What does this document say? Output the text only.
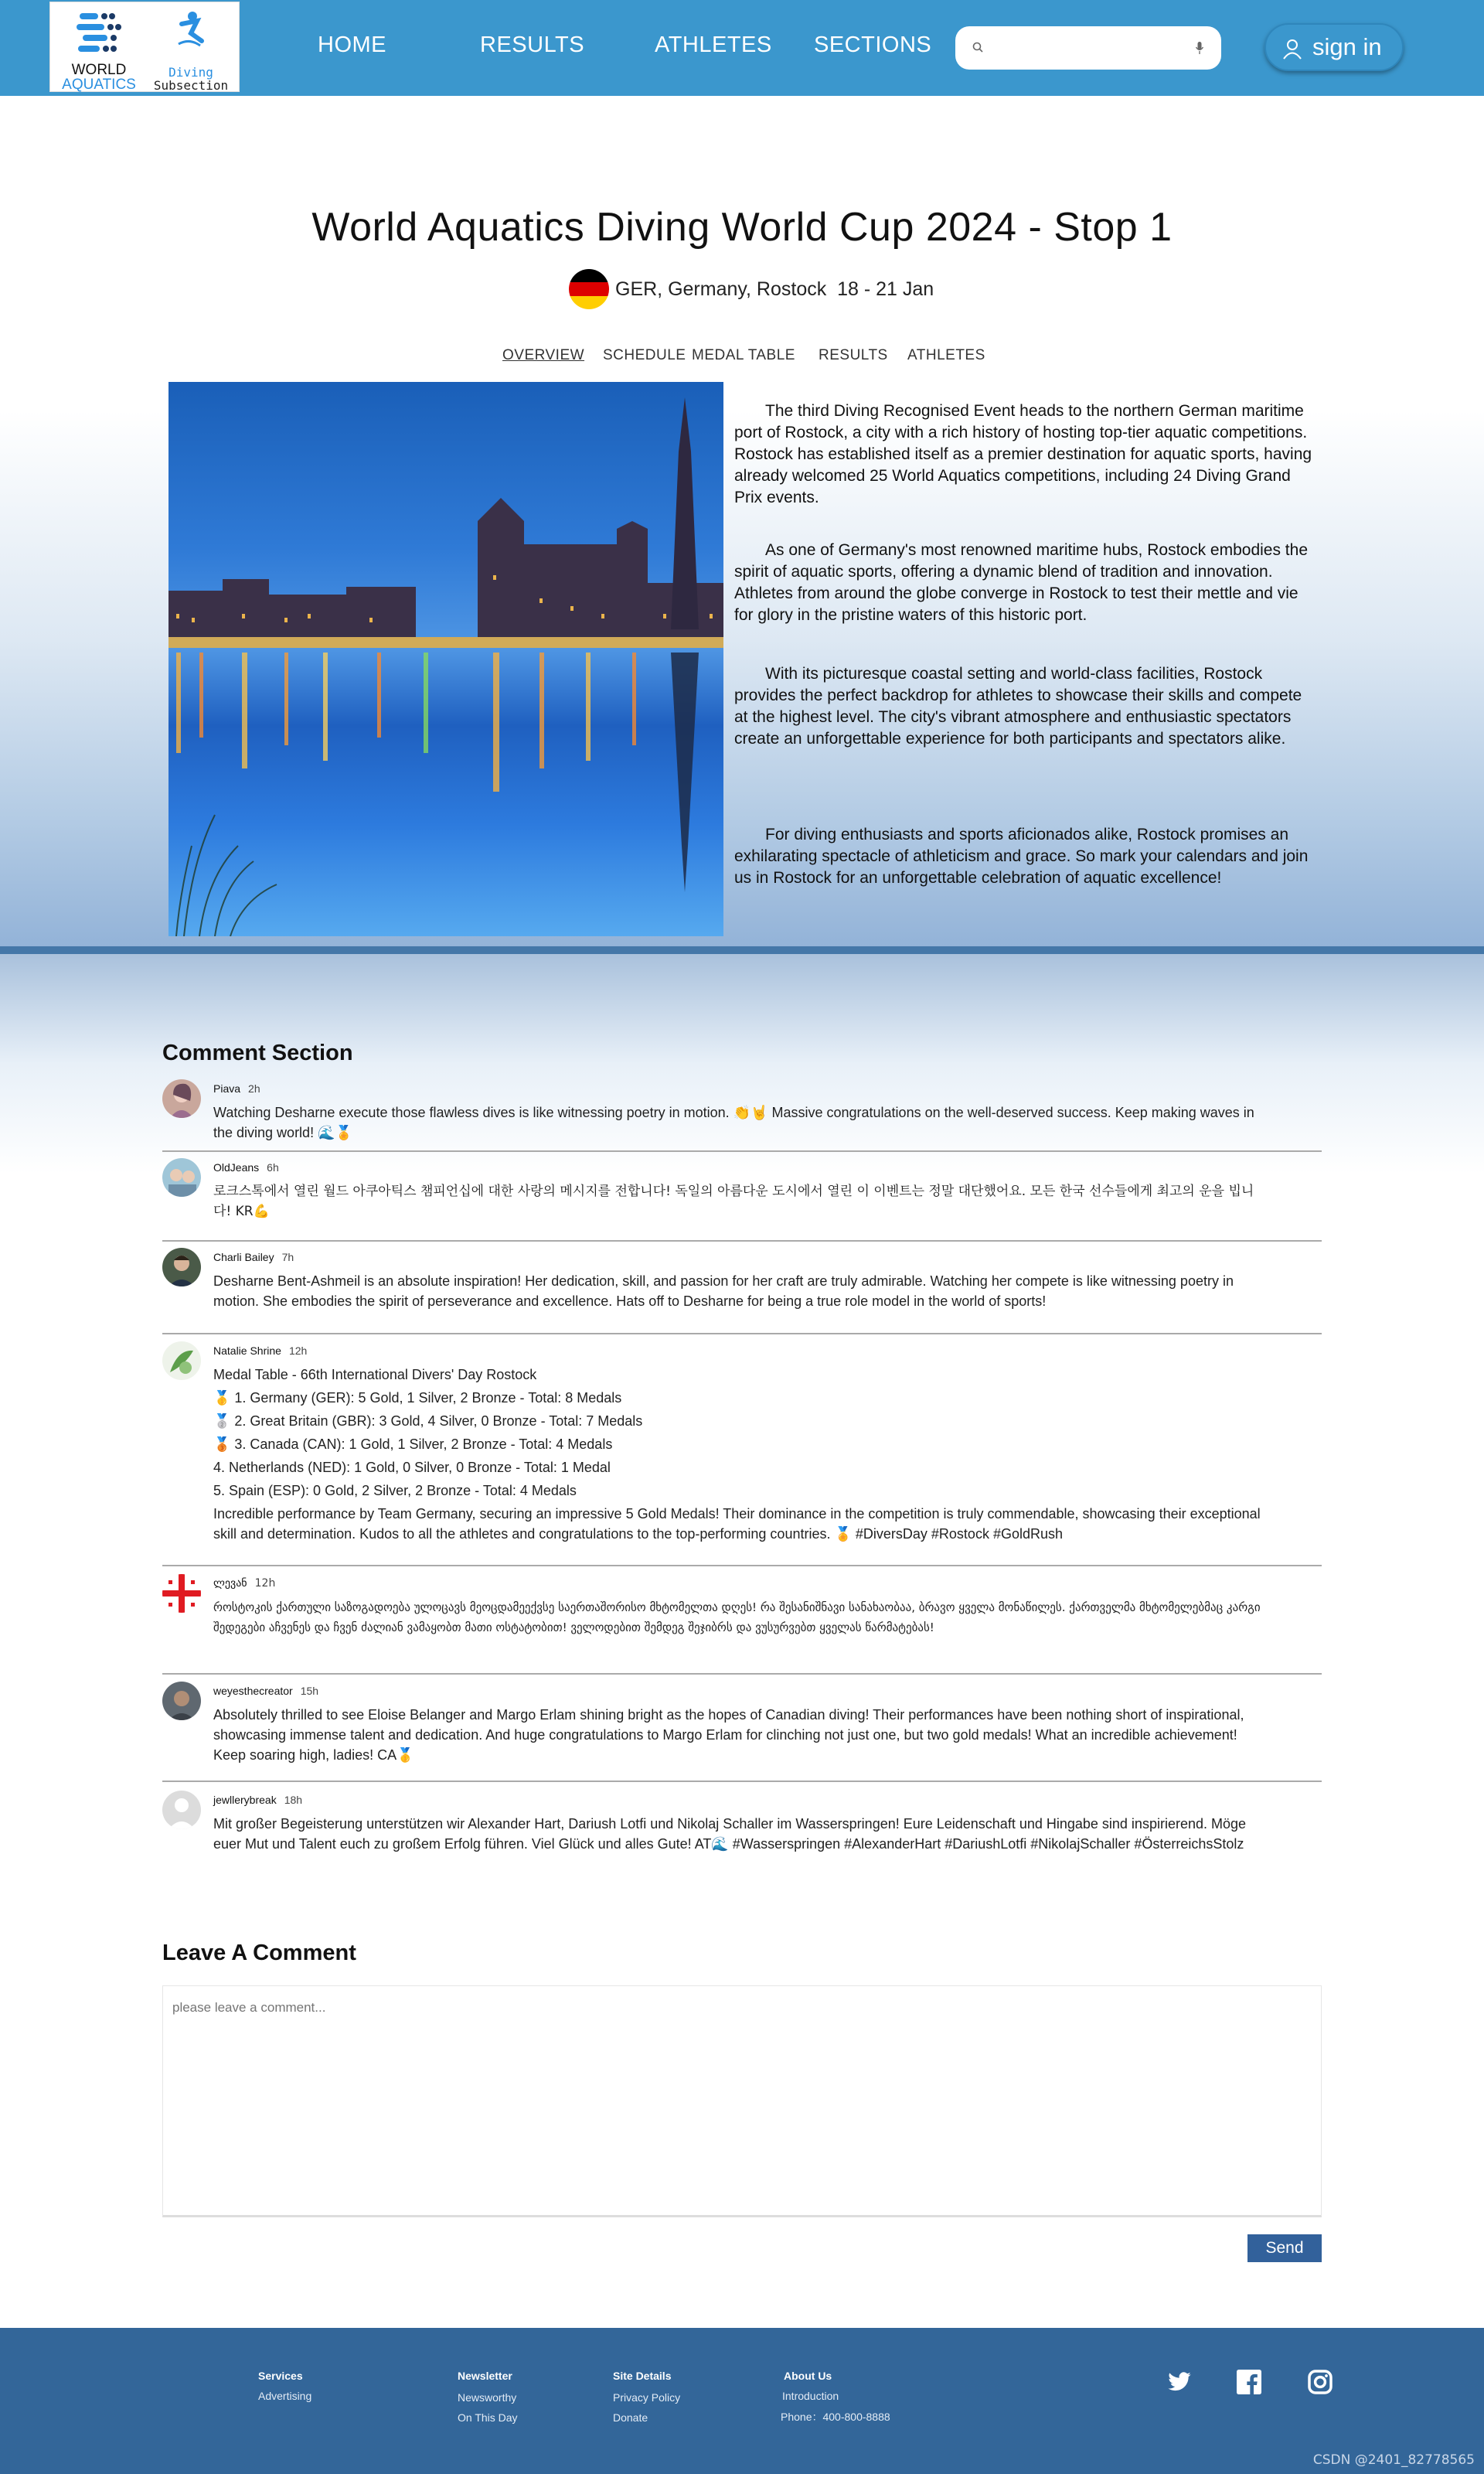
WORLD
AQUATICS
Diving
Subsection
HOME	RESULTS	ATHLETES SECTIONS	sign in
World Aquatics Diving World Cup 2024 - Stop 1
GER, Germany, Rostock 18 - 21 Jan
OVERVIEW SCHEDULE MEDAL TABLE RESULTS ATHLETES

The third Diving Recognised Event heads to the northern German maritime port of Rostock, a city with a rich history of hosting top-tier aquatic competitions. Rostock has established itself as a premier destination for aquatic sports, having already welcomed 25 World Aquatics competitions, including 24 Diving Grand Prix events.

As one of Germany's most renowned maritime hubs, Rostock embodies the spirit of aquatic sports, offering a dynamic blend of tradition and innovation. Athletes from around the globe converge in Rostock to test their mettle and vie for glory in the pristine waters of this historic port.

With its picturesque coastal setting and world-class facilities, Rostock provides the perfect backdrop for athletes to showcase their skills and compete at the highest level. The city's vibrant atmosphere and enthusiastic spectators create an unforgettable experience for both participants and spectators alike.

For diving enthusiasts and sports aficionados alike, Rostock promises an exhilarating spectacle of athleticism and grace. So mark your calendars and join us in Rostock for an unforgettable celebration of aquatic excellence!

Comment Section
Piava 2h
Watching Desharne execute those flawless dives is like witnessing poetry in motion. 👏🤘 Massive congratulations on the well-deserved success. Keep making waves in the diving world! 🌊🏅
OldJeans 6h
로크스톡에서 열린 월드 아쿠아틱스 챔피언십에 대한 사랑의 메시지를 전합니다! 독일의 아름다운 도시에서 열린 이 이벤트는 정말 대단했어요. 모든 한국 선수들에게 최고의 운을 빕니다! KR💪
Charli Bailey 7h
Desharne Bent-Ashmeil is an absolute inspiration! Her dedication, skill, and passion for her craft are truly admirable. Watching her compete is like witnessing poetry in motion. She embodies the spirit of perseverance and excellence. Hats off to Desharne for being a true role model in the world of sports!
Natalie Shrine 12h
Medal Table - 66th International Divers' Day Rostock
🥇 1. Germany (GER): 5 Gold, 1 Silver, 2 Bronze - Total: 8 Medals
🥈 2. Great Britain (GBR): 3 Gold, 4 Silver, 0 Bronze - Total: 7 Medals
🥉 3. Canada (CAN): 1 Gold, 1 Silver, 2 Bronze - Total: 4 Medals
4. Netherlands (NED): 1 Gold, 0 Silver, 0 Bronze - Total: 1 Medal
5. Spain (ESP): 0 Gold, 2 Silver, 2 Bronze - Total: 4 Medals
Incredible performance by Team Germany, securing an impressive 5 Gold Medals! Their dominance in the competition is truly commendable, showcasing their exceptional skill and determination. Kudos to all the athletes and congratulations to the top-performing countries. 🏅 #DiversDay #Rostock #GoldRush
ლევან 12h
როსტოკის ქართული საზოგადოება ულოცავს მეოცდამეექვსე საერთაშორისო მხტომელთა დღეს! რა შესანიშნავი სანახაობაა, ბრავო ყველა მონაწილეს. ქართველმა მხტომელებმაც კარგი შედეგები აჩვენეს და ჩვენ ძალიან ვამაყობთ მათი ოსტატობით! ველოდებით შემდეგ შეჯიბრს და ვუსურვებთ ყველას წარმატებას!
weyesthecreator 15h
Absolutely thrilled to see Eloise Belanger and Margo Erlam shining bright as the hopes of Canadian diving! Their performances have been nothing short of inspirational, showcasing immense talent and dedication. And huge congratulations to Margo Erlam for clinching not just one, but two gold medals! What an incredible achievement! Keep soaring high, ladies! CA🥇
jewllerybreak 18h
Mit großer Begeisterung unterstützen wir Alexander Hart, Dariush Lotfi und Nikolaj Schaller im Wasserspringen! Eure Leidenschaft und Hingabe sind inspirierend. Möge euer Mut und Talent euch zu großem Erfolg führen. Viel Glück und alles Gute! AT🌊 #Wasserspringen #AlexanderHart #DariushLotfi #NikolajSchaller #ÖsterreichsStolz
Leave A Comment
please leave a comment...
Send
Services
Advertising
Newsletter
Newsworthy
On This Day
Site Details
Privacy Policy
Donate
About Us
Introduction
Phone：400-800-8888
CSDN @2401_82778565
